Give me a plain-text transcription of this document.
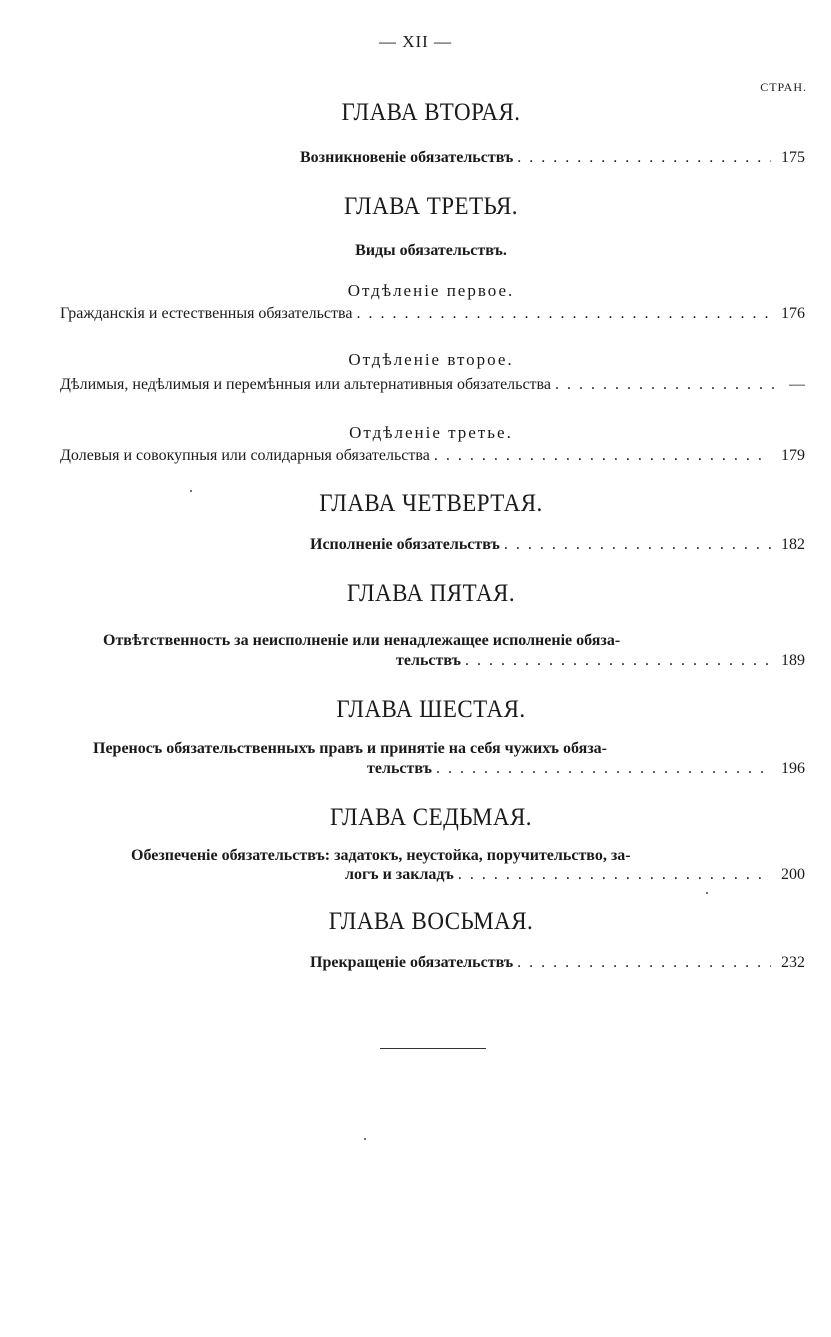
— XII —
СТРАН.
ГЛАВА ВТОРАЯ.
Возникновеніе обязательствъ . . .	175
ГЛАВА ТРЕТЬЯ.
Виды обязательствъ.
Отдѣленіе первое.
Гражданскія и естественныя обязательства . . .	176
Отдѣленіе второе.
Дѣлимыя, недѣлимыя и перемѣнныя или альтернативныя обязательства . . .	—
Отдѣленіе третье.
Долевыя и совокупныя или солидарныя обязательства . . .	179
ГЛАВА ЧЕТВЕРТАЯ.
Исполненіе обязательствъ . . .	182
ГЛАВА ПЯТАЯ.
Отвѣтственность за неисполненіе или ненадлежащее исполненіе обяза-
тельствъ . . .	189
ГЛАВА ШЕСТАЯ.
Переносъ обязательственныхъ правъ и принятіе на себя чужихъ обяза-
тельствъ . . .	196
ГЛАВА СЕДЬМАЯ.
Обезпеченіе обязательствъ: задатокъ, неустойка, поручительство, за-
логъ и закладъ . . .	200
ГЛАВА ВОСЬМАЯ.
Прекращеніе обязательствъ . . .	232
